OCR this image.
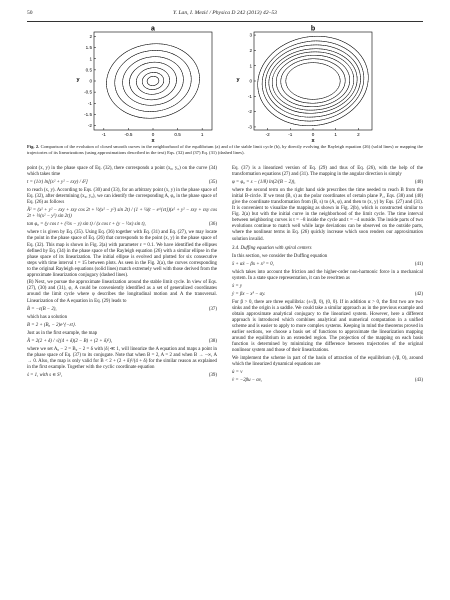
50	Y. Lan, I. Mezić / Physica D 242 (2013) 42–53
-1	-0.5	0	0.5	1
-2
-1.5
-1
-0.5
0
0.5
1
1.5
2
x
y
a
-2	-1	0	1	2
-3
-2
-1
0
1
2
3
x
y
b
Fig. 2. Comparison of the evolution of closed smooth curves in the neighborhood of the equilibrium (a) and of the stable limit cycle (b), by directly evolving the Rayleigh equation (26) (solid lines) or mapping the trajectories of its linearizations (using approximations described in the text) Eqs. (32) and (37) Eq. (31) (dashed lines).

point (x, y) in the phase space of Eq. (32), there corresponds a point (x₀, y₀) on the curve (34) which takes time

t = (1/ε) ln[(x² + y² − εxy) / δ²]	(35)

to reach (x, y). According to Eqs. (30) and (33), for an arbitrary point (x, y) in the phase space of Eq. (32), after determining (x₀, y₀), we can identify the corresponding A, φ₀ in the phase space of Eq. (26) as follows

Ã² = (x² + y² − εxy + εxy cos 2t + ½(x² − y²) sin 2t) / (1 + ¼(t − e^{εt})(x² + y² − εxy + εxy cos 2t + ½(x² − y²) sin 2t))
tan φ₀ = (y cos t + (½x − y) sin t) / (x cos t + (y − ½x) sin t),	(36)

where t is given by Eq. (35). Using Eq. (36) together with Eq. (31) and Eq. (27), we may locate the point in the phase space of Eq. (26) that corresponds to the point (x, y) in the phase space of Eq. (32). This map is shown in Fig. 2(a) with parameter ε = 0.1. We have identified the ellipses defined by Eq. (34) in the phase space of the Rayleigh equation (26) with a similar ellipse in the phase space of its linearization. The initial ellipse is evolved and plotted for six consecutive steps with time interval t = 15 between plots. As seen in the Fig. 2(a), the curves corresponding to the original Rayleigh equations (solid lines) match extremely well with those derived from the approximate linearization conjugacy (dashed lines).

(B) Next, we pursue the approximate linearization around the stable limit cycle. In view of Eqs. (27), (30) and (31), φ, A could be conveniently identified as a set of generalized coordinates around the limit cycle where φ describes the longitudinal motion and A the transversal. Linearization of the A equation in Eq. (29) leads to

Ḃ = −ε(B − 2),	(37)

which has a solution

B = 2 + (B₀ − 2)e^{−εt}.

Just as in the first example, the map

Ã = 2(2 + δ) / √((4 + δ)(2 − B) + (2 + δ)²),	(38)

where we set A₀ − 2 = B₀ − 2 = δ with |δ| ≪ 1, will linearize the A equation and maps a point in the phase space of Eq. (37) to its conjugate. Note that when B = 2, A = 2 and when B → −∞, A → 0. Also, the map is only valid for B < 2 + (2 + δ)²/(4 + δ) for the similar reason as explained in the first example. Together with the cyclic coordinate equation

ṡ = 1, with s ∈ S¹,	(39)

Eq. (37) is a linearized version of Eq. (29) and thus of Eq. (26), with the help of the transformation equations (27) and (31). The mapping in the angular direction is simply

φ = φ₀ = s − (1/8) ln(2/(B − 2)),	(40)

where the second term on the right hand side prescribes the time needed to reach B from the initial B-circle. If we treat (B, s) as the polar coordinates of certain plane P₁, Eqs. (38) and (40) give the coordinate transformation from (B, s) to (A, φ), and then to (x, y) by Eqs. (27) and (31). It is convenient to visualize the mapping as shown in Fig. 2(b), which is constructed similar to Fig. 2(a) but with the initial curve in the neighborhood of the limit cycle. The time interval between neighboring curves is t = −8 inside the cycle and t = −4 outside. The inside parts of two evolutions continue to match well while large deviations can be observed on the outside parts, where the nonlinear terms in Eq. (26) quickly increase which soon renders our approximation solution invalid.

3.4. Duffing equation with spiral centers

In this section, we consider the Duffing equation

ẍ + αẋ − βx + x³ = 0,	(41)

which takes into account the friction and the higher-order non-harmonic force in a mechanical system. In a state space representation, it can be rewritten as

ẋ = y
ẏ = βx − x³ − αy.	(42)

For β > 0, there are three equilibria: (±√β, 0), (0, 0). If in addition α > 0, the first two are two sinks and the origin is a saddle. We could take a similar approach as in the previous example and obtain approximate analytical conjugacy to the linearized system. However, here a different approach is introduced which combines analytical and numerical computation in a unified scheme and is easier to apply to more complex systems. Keeping in mind the theorems proved in earlier sections, we choose a basis set of functions to approximate the linearization mapping around the equilibrium in an extended region. The projection of the mapping on each basis function is determined by minimizing the difference between trajectories of the original nonlinear system and those of their linearizations.

We implement the scheme in part of the basin of attraction of the equilibrium (√β, 0), around which the linearized dynamical equations are

u̇ = v
v̇ = −2βu − αv,	(43)
